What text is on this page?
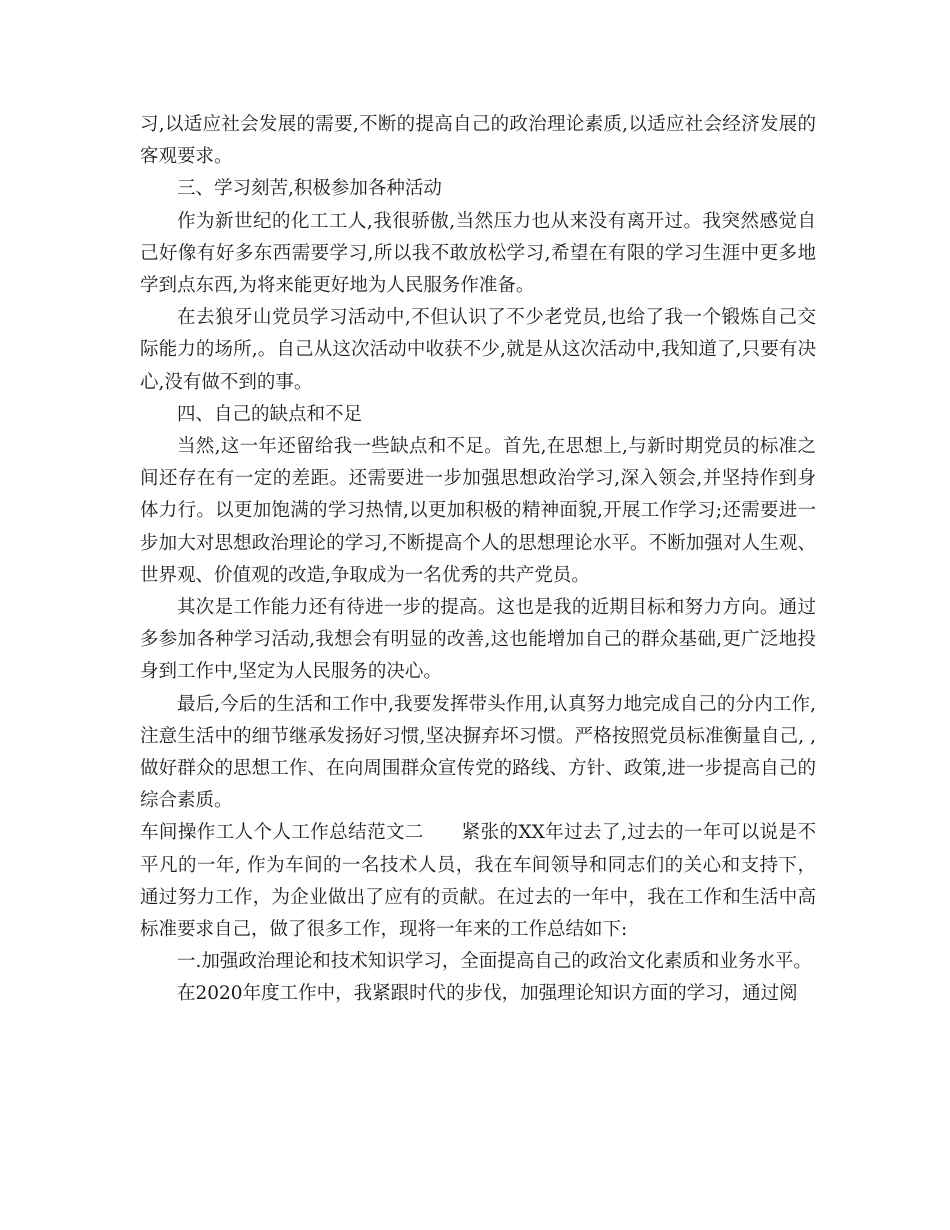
习,以适应社会发展的需要,不断的提高自己的政治理论素质,以适应社会经济发展的客观要求。

三、学习刻苦,积极参加各种活动

作为新世纪的化工工人,我很骄傲,当然压力也从来没有离开过。我突然感觉自己好像有好多东西需要学习,所以我不敢放松学习,希望在有限的学习生涯中更多地学到点东西,为将来能更好地为人民服务作准备。

在去狼牙山党员学习活动中,不但认识了不少老党员,也给了我一个锻炼自己交际能力的场所,。自己从这次活动中收获不少,就是从这次活动中,我知道了,只要有决心,没有做不到的事。

四、自己的缺点和不足

当然,这一年还留给我一些缺点和不足。首先,在思想上,与新时期党员的标准之间还存在有一定的差距。还需要进一步加强思想政治学习,深入领会,并坚持作到身体力行。以更加饱满的学习热情,以更加积极的精神面貌,开展工作学习;还需要进一步加大对思想政治理论的学习,不断提高个人的思想理论水平。不断加强对人生观、世界观、价值观的改造,争取成为一名优秀的共产党员。

其次是工作能力还有待进一步的提高。这也是我的近期目标和努力方向。通过多参加各种学习活动,我想会有明显的改善,这也能增加自己的群众基础,更广泛地投身到工作中,坚定为人民服务的决心。

最后,今后的生活和工作中,我要发挥带头作用,认真努力地完成自己的分内工作,注意生活中的细节继承发扬好习惯,坚决摒弃坏习惯。严格按照党员标准衡量自己, ,做好群众的思想工作、在向周围群众宣传党的路线、方针、政策,进一步提高自己的综合素质。

车间操作工人个人工作总结范文二　　紧张的XX年过去了,过去的一年可以说是不平凡的一年, 作为车间的一名技术人员，我在车间领导和同志们的关心和支持下，通过努力工作，为企业做出了应有的贡献。在过去的一年中，我在工作和生活中高标准要求自己，做了很多工作，现将一年来的工作总结如下:

一.加强政治理论和技术知识学习，全面提高自己的政治文化素质和业务水平。

在2020年度工作中，我紧跟时代的步伐，加强理论知识方面的学习，通过阅
